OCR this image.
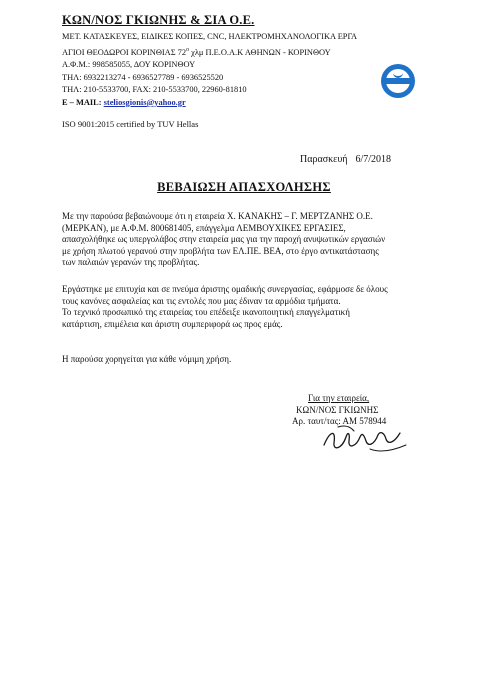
ΚΩΝ/ΝΟΣ ΓΚΙΩΝΗΣ & ΣΙΑ Ο.Ε.
ΜΕΤ. ΚΑΤΑΣΚΕΥΕΣ, ΕΙΔΙΚΕΣ ΚΟΠΕΣ, CNC, ΗΛΕΚΤΡΟΜΗΧΑΝΟΛΟΓΙΚΑ ΕΡΓΑ
ΑΓΙΟΙ ΘΕΟΔΩΡΟΙ ΚΟΡΙΝΘΙΑΣ $72^o$ χλμ Π.Ε.Ο.Α.Κ ΑΘΗΝΩΝ - ΚΟΡΙΝΘΟΥ
Α.Φ.Μ.: 998585055, ΔΟΥ ΚΟΡΙΝΘΟΥ
ΤΗΛ: 6932213274 - 6936527789 - 6936525520
ΤΗΛ: 210-5533700, FAX: 210-5533700, 22960-81810
E – MAIL: steliosgionis@yahoo.gr
ISO 9001:2015 certified by TUV Hellas
Παρασκευή 6/7/2018
ΒΕΒΑΙΩΣΗ ΑΠΑΣΧΟΛΗΣΗΣ
Με την παρούσα βεβαιώνουμε ότι η εταιρεία Χ. ΚΑΝΑΚΗΣ – Γ. ΜΕΡΤΖΑΝΗΣ Ο.Ε.
(ΜΕΡΚΑΝ), με Α.Φ.Μ. 800681405, επάγγελμα ΛΕΜΒΟΥΧΙΚΕΣ ΕΡΓΑΣΙΕΣ,
απασχολήθηκε ως υπεργολάβος στην εταιρεία μας για την παροχή ανυψωτικών εργασιών
με χρήση πλωτού γερανού στην προβλήτα των ΕΛ.ΠΕ. ΒΕΑ, στο έργο αντικατάστασης
των παλαιών γερανών της προβλήτας.
Εργάστηκε με επιτυχία και σε πνεύμα άριστης ομαδικής συνεργασίας, εφάρμοσε δε όλους
τους κανόνες ασφαλείας και τις εντολές που μας έδιναν τα αρμόδια τμήματα.
Το τεχνικό προσωπικό της εταιρείας του επέδειξε ικανοποιητική επαγγελματική
κατάρτιση, επιμέλεια και άριστη συμπεριφορά ως προς εμάς.
Η παρούσα χορηγείται για κάθε νόμιμη χρήση.
Για την εταιρεία,
ΚΩΝ/ΝΟΣ ΓΚΙΩΝΗΣ
Αρ. ταυτ/τας: ΑΜ 578944
